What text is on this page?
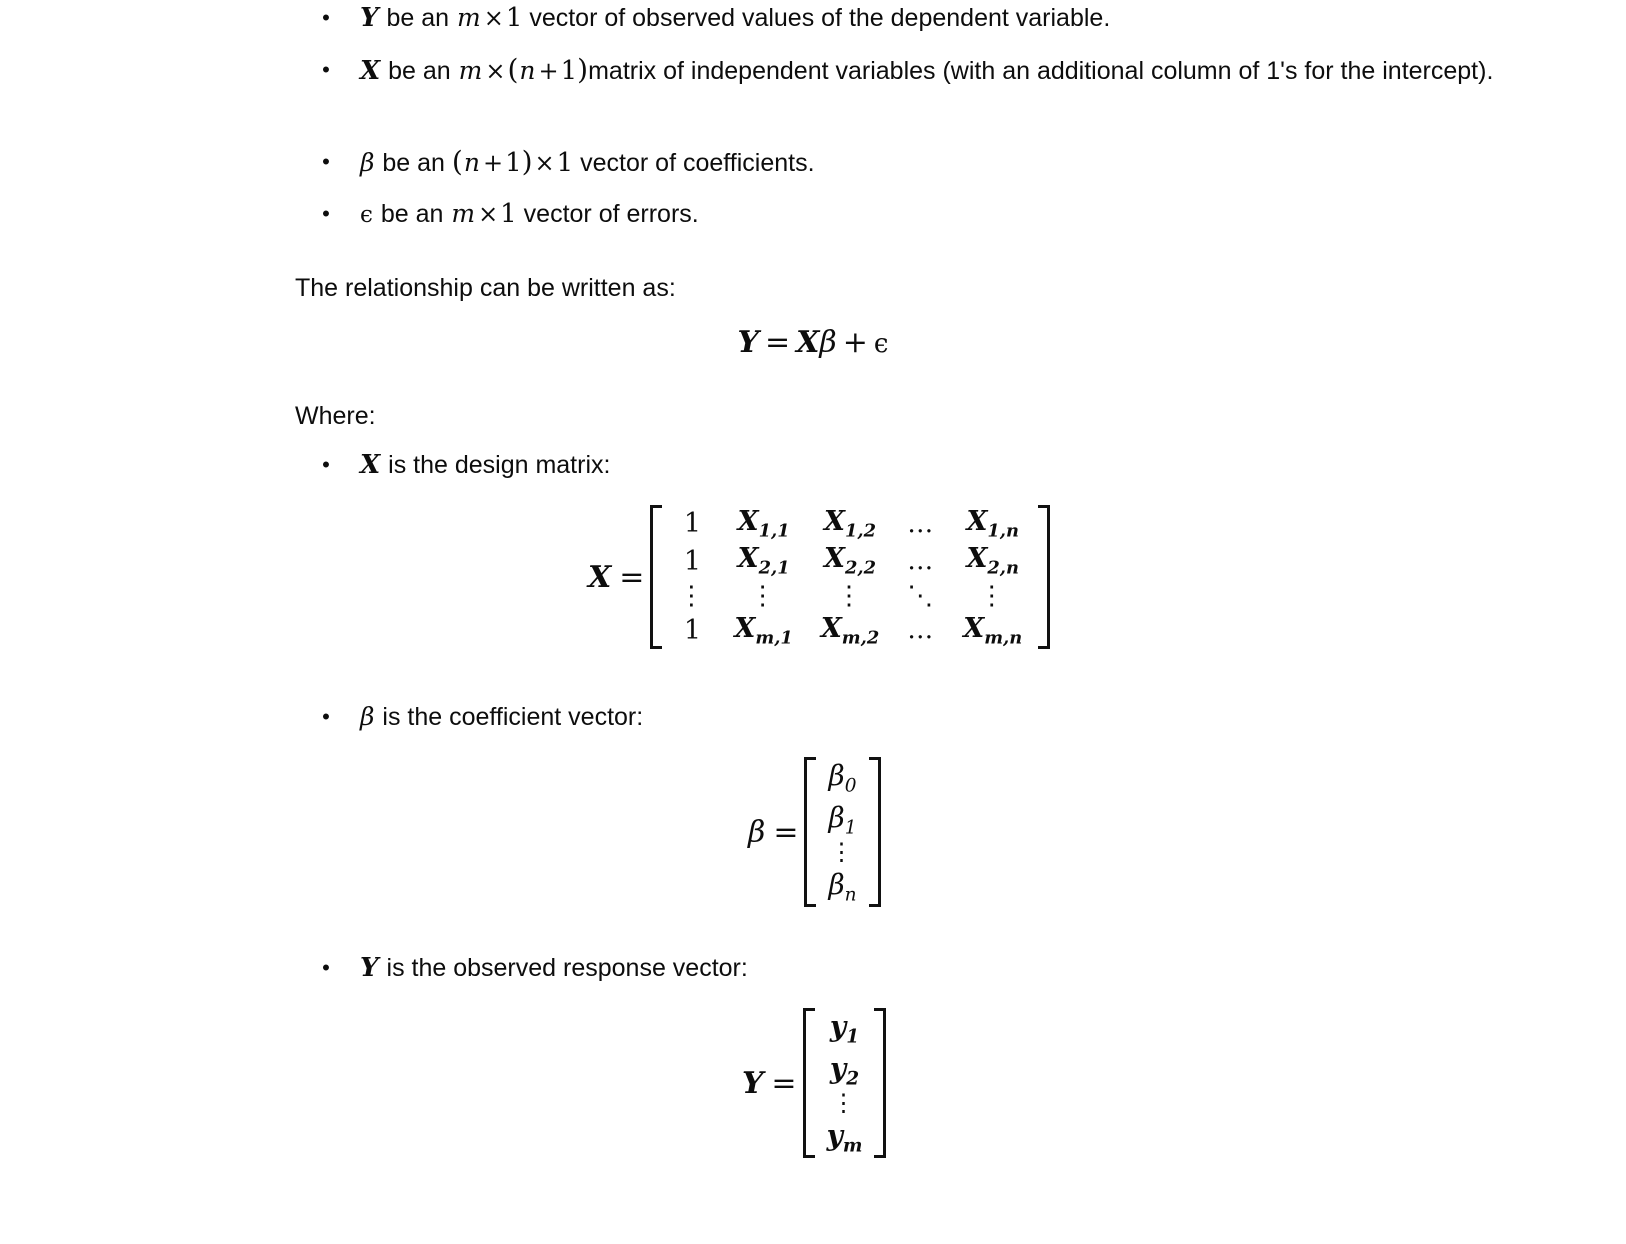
•	Y be an m ×1 vector of observed values of the dependent variable.
•	X be an m ×(n +1)matrix of independent variables (with an additional column of 1's for the intercept).
•	β be an (n +1)×1 vector of coefficients.
•	ϵ be an m ×1 vector of errors.
The relationship can be written as:
Y = Xβ + ϵ
Where:
•	X is the design matrix:
X =
1	$X_{1,1}$	$X_{1,2}$	…	$X_{1,n}$
1	$X_{2,1}$	$X_{2,2}$	…	$X_{2,n}$
⋮	⋮	⋮	⋱	⋮
1	$X_{m,1}$	$X_{m,2}$	…	$X_{m,n}$
•	β is the coefficient vector:
β =
$\beta_0$
$\beta_1$
⋮
$\beta_n$
•	Y is the observed response vector:
Y =
$y_1$
$y_2$
⋮
$y_m$
